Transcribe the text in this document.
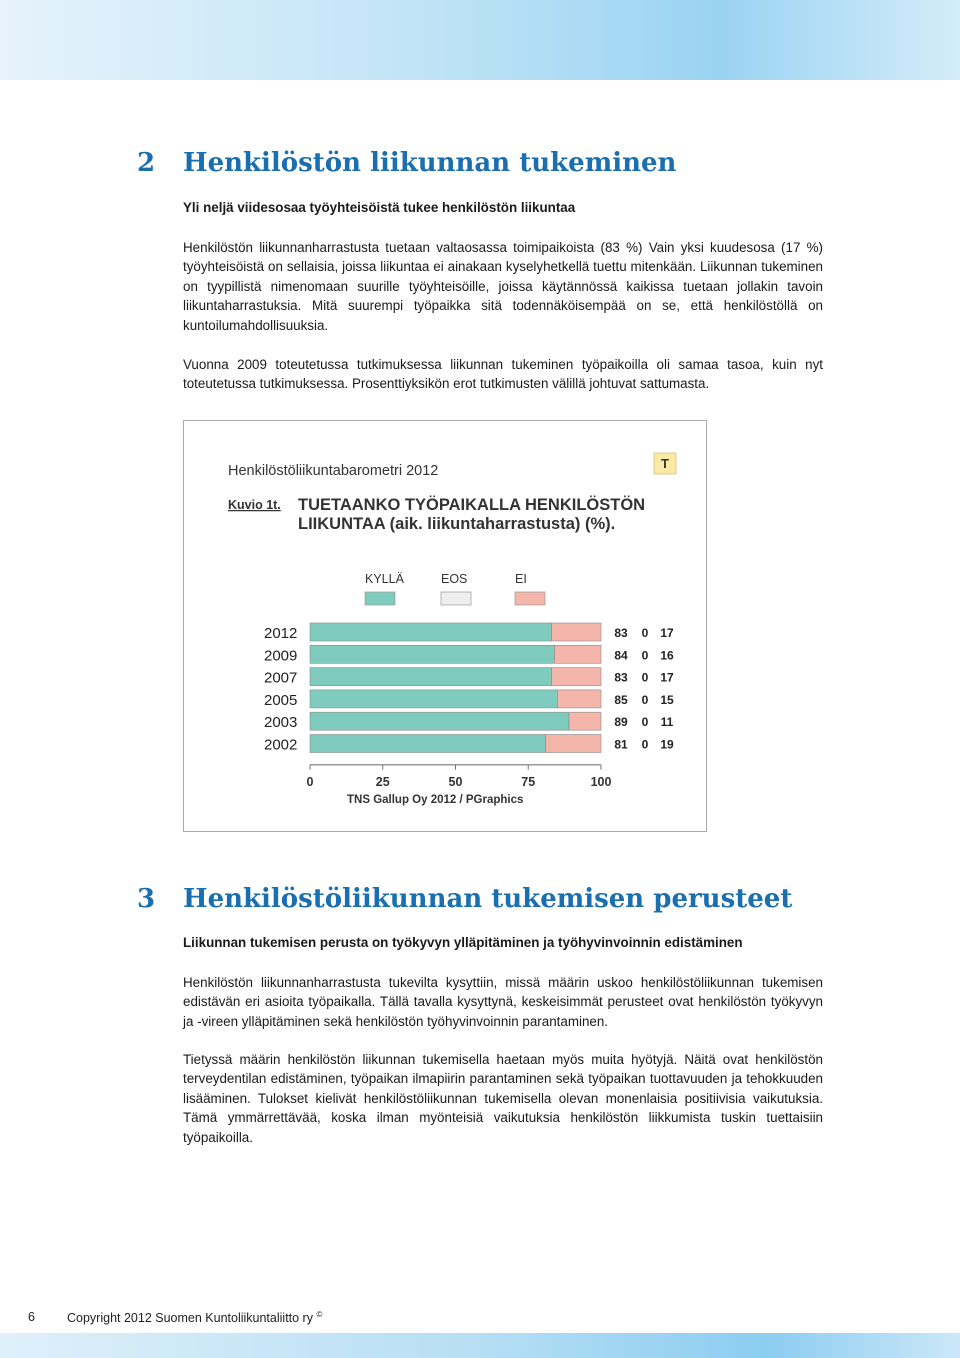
2 Henkilöstön liikunnan tukeminen

Yli neljä viidesosaa työyhteisöistä tukee henkilöstön liikuntaa

Henkilöstön liikunnanharrastusta tuetaan valtaosassa toimipaikoista (83 %) Vain yksi kuudesosa (17 %) työyhteisöistä on sellaisia, joissa liikuntaa ei ainakaan kyselyhetkellä tuettu mitenkään. Liikunnan tukeminen on tyypillistä nimenomaan suurille työyhteisöille, joissa käytännössä kaikissa tuetaan jollakin tavoin liikuntaharrastuksia. Mitä suurempi työpaikka sitä todennäköisempää on se, että henkilöstöllä on kuntoilumahdollisuuksia.

Vuonna 2009 toteutetussa tutkimuksessa liikunnan tukeminen työpaikoilla oli samaa tasoa, kuin nyt toteutetussa tutkimuksessa. Prosenttiyksikön erot tutkimusten välillä johtuvat sattumasta.

Henkilöstöliikuntabarometri 2012	T
Kuvio 1t. TUETAANKO TYÖPAIKALLA HENKILÖSTÖN
LIIKUNTAA (aik. liikuntaharrastusta) (%).
KYLLÄ	EOS	EI
2012	83 0 17
2009	84 0 16
2007	83 0 17
2005	85 0 15
2003	89 0 11
2002	81 0 19
0	25	50	75	100
TNS Gallup Oy 2012 / PGraphics
3 Henkilöstöliikunnan tukemisen perusteet

Liikunnan tukemisen perusta on työkyvyn ylläpitäminen ja työhyvinvoinnin edistäminen

Henkilöstön liikunnanharrastusta tukevilta kysyttiin, missä määrin uskoo henkilöstöliikunnan tukemisen edistävän eri asioita työpaikalla. Tällä tavalla kysyttynä, keskeisimmät perusteet ovat henkilöstön työkyvyn ja -vireen ylläpitäminen sekä henkilöstön työhyvinvoinnin parantaminen.

Tietyssä määrin henkilöstön liikunnan tukemisella haetaan myös muita hyötyjä. Näitä ovat henkilöstön terveydentilan edistäminen, työpaikan ilmapiirin parantaminen sekä työpaikan tuottavuuden ja tehokkuuden lisääminen. Tulokset kielivät henkilöstöliikunnan tukemisella olevan monenlaisia positiivisia vaikutuksia. Tämä ymmärrettävää, koska ilman myönteisiä vaikutuksia henkilöstön liikkumista tuskin tuettaisiin työpaikoilla.

6	Copyright 2012 Suomen Kuntoliikuntaliitto ry ©
